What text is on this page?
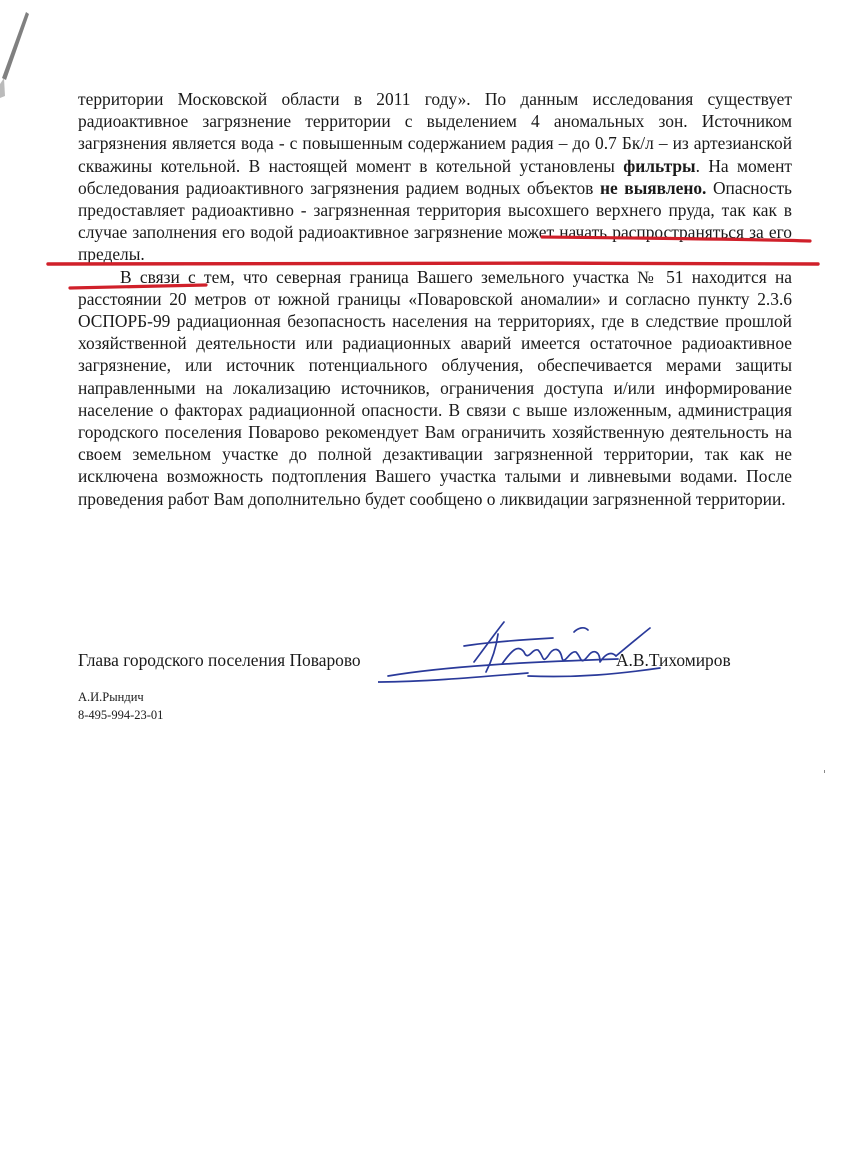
территории Московской области в 2011 году». По данным исследования существует радиоактивное загрязнение территории с выделением 4 аномальных зон. Источником загрязнения является вода - с повышенным содержанием радия – до 0.7 Бк/л – из артезианской скважины котельной. В настоящей момент в котельной установлены фильтры. На момент обследования радиоактивного загрязнения радием водных объектов не выявлено. Опасность предоставляет радиоактивно - загрязненная территория высохшего верхнего пруда, так как в случае заполнения его водой радиоактивное загрязнение может начать распространяться за его пределы.

В связи с тем, что северная граница Вашего земельного участка № 51 находится на расстоянии 20 метров от южной границы «Поваровской аномалии» и согласно пункту 2.3.6 ОСПОРБ-99 радиационная безопасность населения на территориях, где в следствие прошлой хозяйственной деятельности или радиационных аварий имеется остаточное радиоактивное загрязнение, или источник потенциального облучения, обеспечивается мерами защиты направленными на локализацию источников, ограничения доступа и/или информирование население о факторах радиационной опасности. В связи с выше изложенным, администрация городского поселения Поварово рекомендует Вам ограничить хозяйственную деятельность на своем земельном участке до полной дезактивации загрязненной территории, так как не исключена возможность подтопления Вашего участка талыми и ливневыми водами. После проведения работ Вам дополнительно будет сообщено о ликвидации загрязненной территории.

Глава городского поселения Поварово	А.В.Тихомиров
А.И.Рындич
8-495-994-23-01
